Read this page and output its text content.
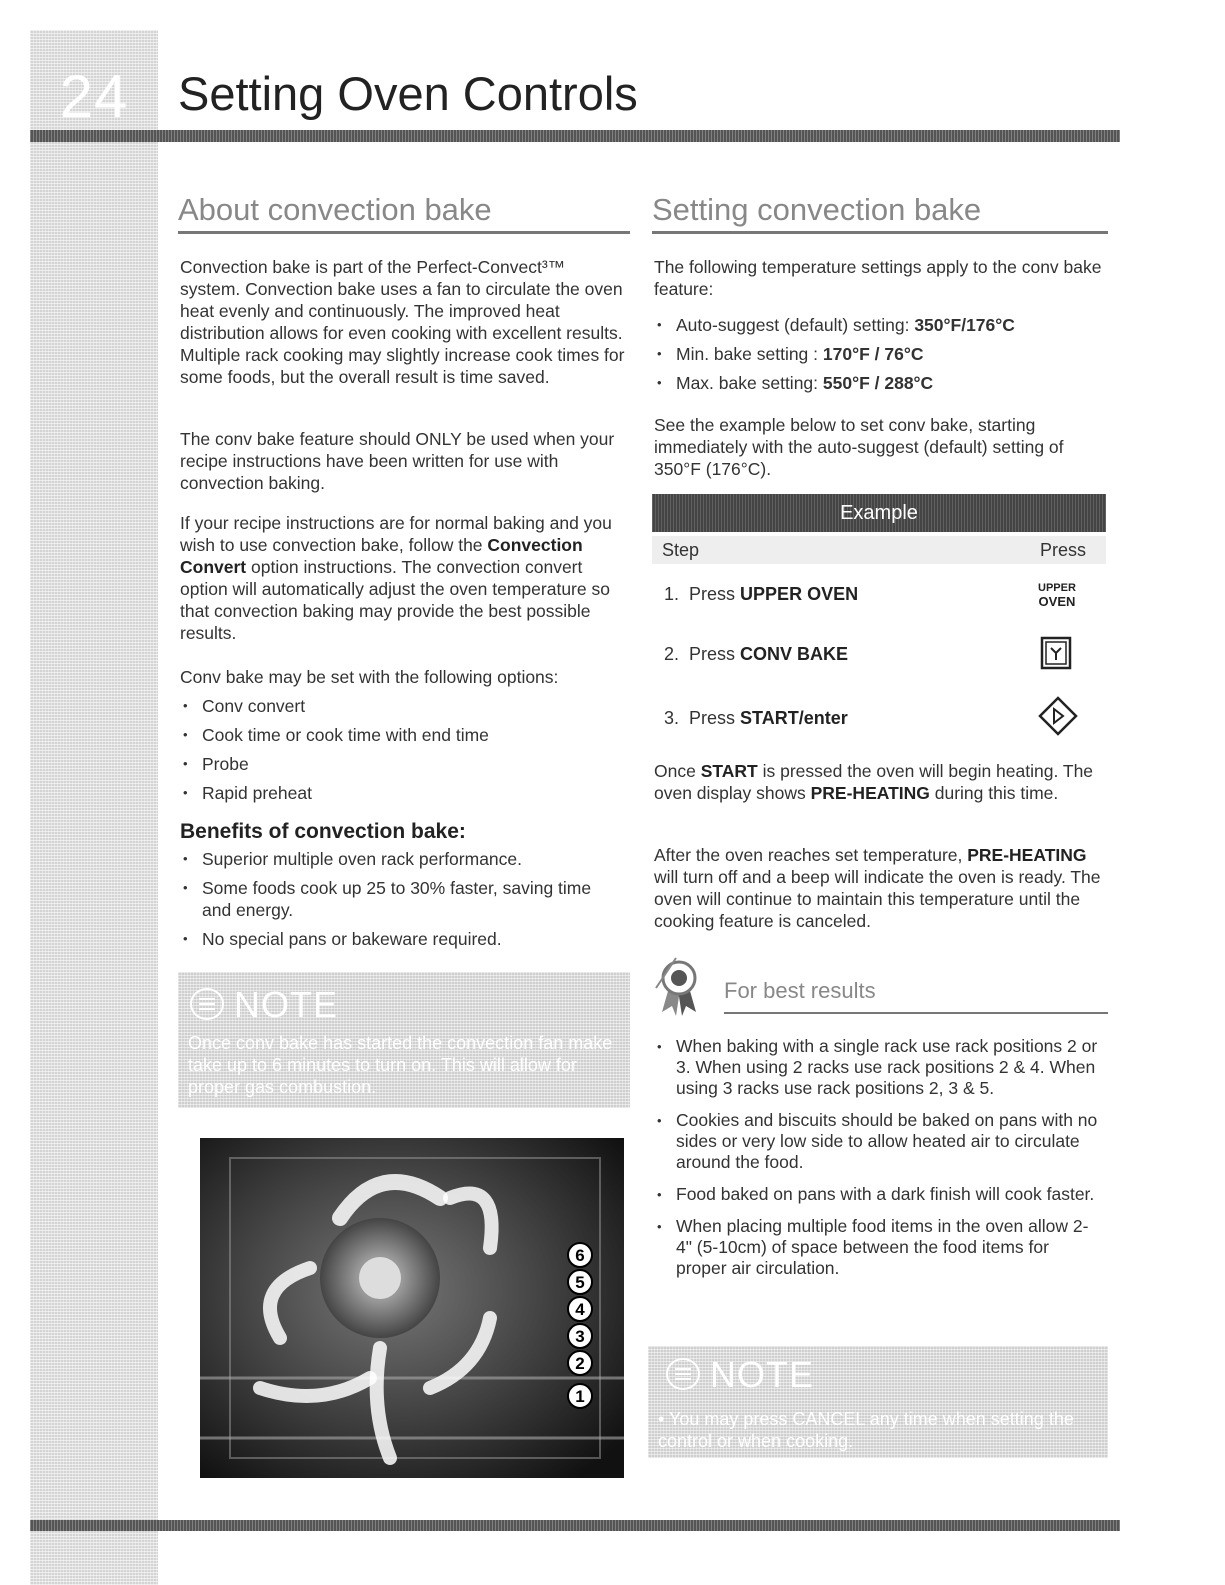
24	Setting Oven Controls
About convection bake

Convection bake is part of the Perfect-Convect³™ system. Convection bake uses a fan to circulate the oven heat evenly and continuously. The improved heat distribution allows for even cooking with excellent results. Multiple rack cooking may slightly increase cook times for some foods, but the overall result is time saved.

The conv bake feature should ONLY be used when your recipe instructions have been written for use with convection baking.

If your recipe instructions are for normal baking and you wish to use convection bake, follow the Convection Convert option instructions. The convection convert option will automatically adjust the oven temperature so that convection baking may provide the best possible results.

Conv bake may be set with the following options:

• Conv convert
• Cook time or cook time with end time
• Probe
• Rapid preheat
Benefits of convection bake:
• Superior multiple oven rack performance.
• Some foods cook up 25 to 30% faster, saving time and energy.
• No special pans or bakeware required.
NOTE
Once conv bake has started the convection fan make take up to 6 minutes to turn on. This will allow for proper gas combustion.
6
5
4
3
2
1
Setting convection bake

The following temperature settings apply to the conv bake feature:

• Auto-suggest (default) setting: 350°F/176°C
• Min. bake setting : 170°F / 76°C
• Max. bake setting: 550°F / 288°C

See the example below to set conv bake, starting immediately with the auto-suggest (default) setting of 350°F (176°C).

Example
Step	Press
1. Press UPPER OVEN	UPPER
OVEN
2. Press CONV BAKE
3. Press START/enter

Once START is pressed the oven will begin heating. The oven display shows PRE-HEATING during this time.

After the oven reaches set temperature, PRE-HEATING will turn off and a beep will indicate the oven is ready. The oven will continue to maintain this temperature until the cooking feature is canceled.

For best results
• When baking with a single rack use rack positions 2 or 3. When using 2 racks use rack positions 2 & 4. When using 3 racks use rack positions 2, 3 & 5.
• Cookies and biscuits should be baked on pans with no sides or very low side to allow heated air to circulate around the food.
• Food baked on pans with a dark finish will cook faster.
• When placing multiple food items in the oven allow 2-4" (5-10cm) of space between the food items for proper air circulation.
NOTE
• You may press CANCEL any time when setting the control or when cooking.
